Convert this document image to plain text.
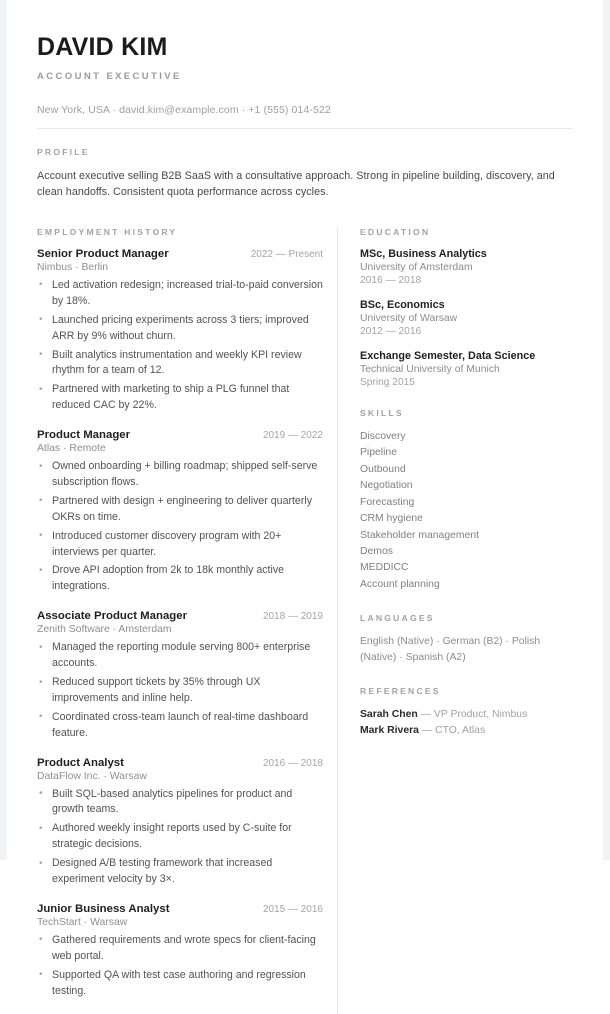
DAVID KIM
ACCOUNT EXECUTIVE
New York, USA · david.kim@example.com · +1 (555) 014-522
PROFILE
Account executive selling B2B SaaS with a consultative approach. Strong in pipeline building, discovery, and clean handoffs. Consistent quota performance across cycles.
EMPLOYMENT HISTORY
Senior Product Manager	2022 — Present
Nimbus · Berlin
• Led activation redesign; increased trial-to-paid conversion by 18%.
• Launched pricing experiments across 3 tiers; improved ARR by 9% without churn.
• Built analytics instrumentation and weekly KPI review rhythm for a team of 12.
• Partnered with marketing to ship a PLG funnel that reduced CAC by 22%.
Product Manager	2019 — 2022
Atlas · Remote
• Owned onboarding + billing roadmap; shipped self-serve subscription flows.
• Partnered with design + engineering to deliver quarterly OKRs on time.
• Introduced customer discovery program with 20+ interviews per quarter.
• Drove API adoption from 2k to 18k monthly active integrations.
Associate Product Manager	2018 — 2019
Zenith Software · Amsterdam
• Managed the reporting module serving 800+ enterprise accounts.
• Reduced support tickets by 35% through UX improvements and inline help.
• Coordinated cross-team launch of real-time dashboard feature.
Product Analyst	2016 — 2018
DataFlow Inc. · Warsaw
• Built SQL-based analytics pipelines for product and growth teams.
• Authored weekly insight reports used by C-suite for strategic decisions.
• Designed A/B testing framework that increased experiment velocity by 3×.
Junior Business Analyst	2015 — 2016
TechStart · Warsaw
• Gathered requirements and wrote specs for client-facing web portal.
• Supported QA with test case authoring and regression testing.
EDUCATION
MSc, Business Analytics
University of Amsterdam
2016 — 2018
BSc, Economics
University of Warsaw
2012 — 2016
Exchange Semester, Data Science
Technical University of Munich
Spring 2015
SKILLS
Discovery
Pipeline
Outbound
Negotiation
Forecasting
CRM hygiene
Stakeholder management
Demos
MEDDICC
Account planning
LANGUAGES
English (Native) · German (B2) · Polish (Native) · Spanish (A2)
REFERENCES
Sarah Chen — VP Product, Nimbus
Mark Rivera — CTO, Atlas
